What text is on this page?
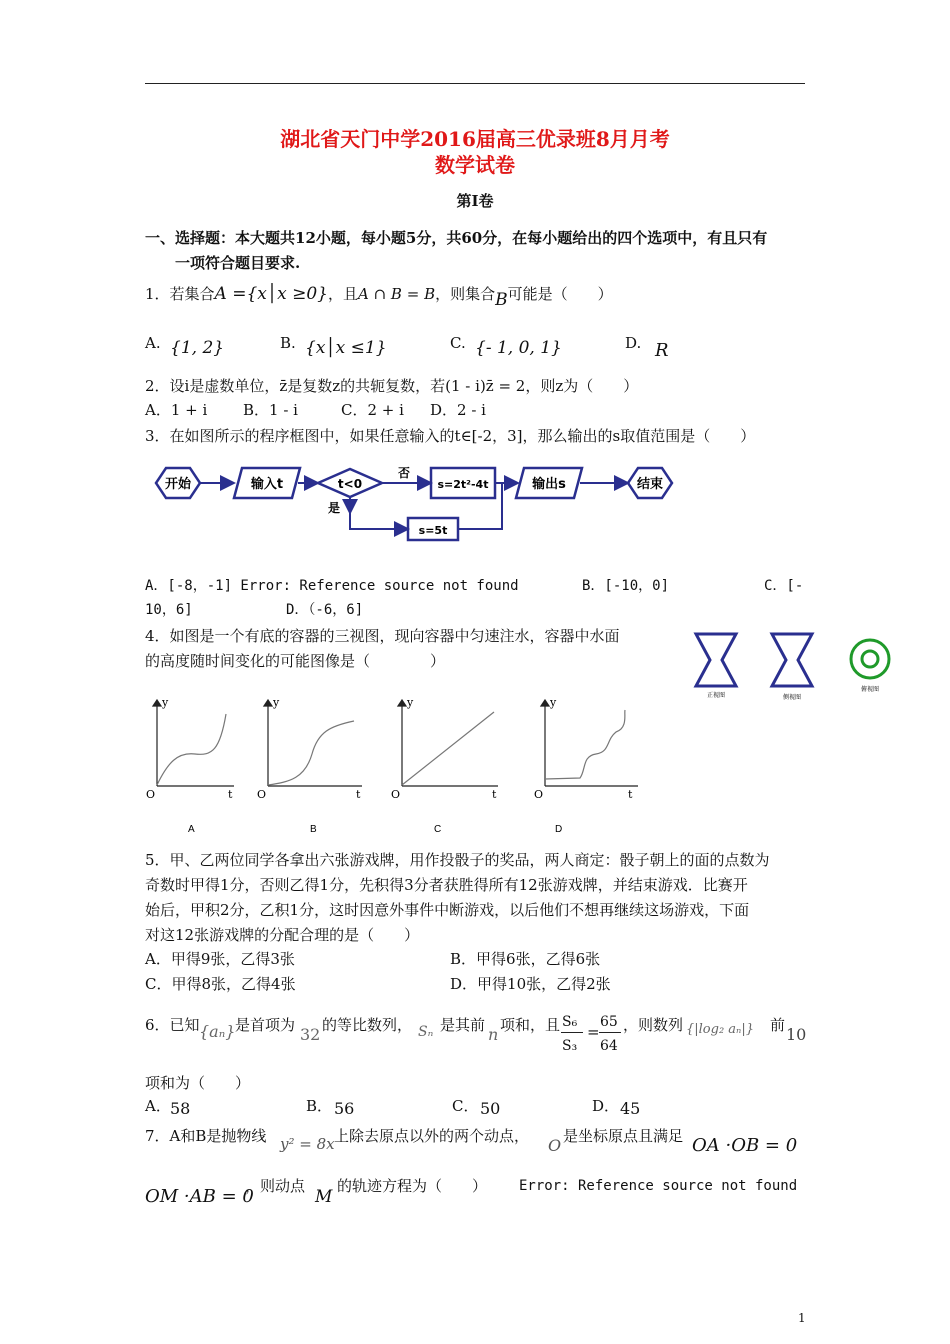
湖北省天门中学2016届高三优录班8月月考
数学试卷
第Ⅰ卷
一、选择题：本大题共12小题，每小题5分，共60分，在每小题给出的四个选项中，有且只有
一项符合题目要求.
1．若集合A ={x│x ≥0}，且A ∩ B = B，则集合B可能是（　　）
A. {1, 2}	B. {x│x ≤1}	C. {- 1, 0, 1}	D. R
2．设i是虚数单位，z̄是复数z的共轭复数，若(1 - i)z̄ = 2，则z为（　　）
A．1 + i B．1 - i	C．2 + i D．2 - i
3．在如图所示的程序框图中，如果任意输入的t∈[-2，3]，那么输出的s取值范围是（　　）
开始	输入t	t<0
否
是
s=2t²-4t	输出s	结束
s=5t
A．[-8，-1] Error: Reference source not found	B．[-10，0]	C．[-
10，6]	D．（-6，6]
4．如图是一个有底的容器的三视图，现向容器中匀速注水，容器中水面
的高度随时间变化的可能图像是（　　　　）
正视图	侧视图
俯视图
y	y	y	y
t	t	t	t
O	O	O	O
A	B	C	D
5．甲、乙两位同学各拿出六张游戏牌，用作投骰子的奖品，两人商定：骰子朝上的面的点数为
奇数时甲得1分，否则乙得1分，先积得3分者获胜得所有12张游戏牌，并结束游戏．比赛开
始后，甲积2分，乙积1分，这时因意外事件中断游戏，以后他们不想再继续这场游戏，下面
对这12张游戏牌的分配合理的是（　　）
A．甲得9张，乙得3张	B．甲得6张，乙得6张
C．甲得8张，乙得4张	D．甲得10张，乙得2张
6．已知 {aₙ} 是首项为 32 的等比数列， Sₙ 是其前 n 项和，且 S₆
S₃
=
65
64
，则数列 {|log₂ aₙ|} 前 10
项和为（　　）
A． 58	B． 56	C． 50	D． 45
7．A和B是抛物线 y² = 8x 上除去原点以外的两个动点， O 是坐标原点且满足 OA ·OB = 0
OM ·AB = 0
，则动点
M
的轨迹方程为（　　） Error: Reference source not found
1
